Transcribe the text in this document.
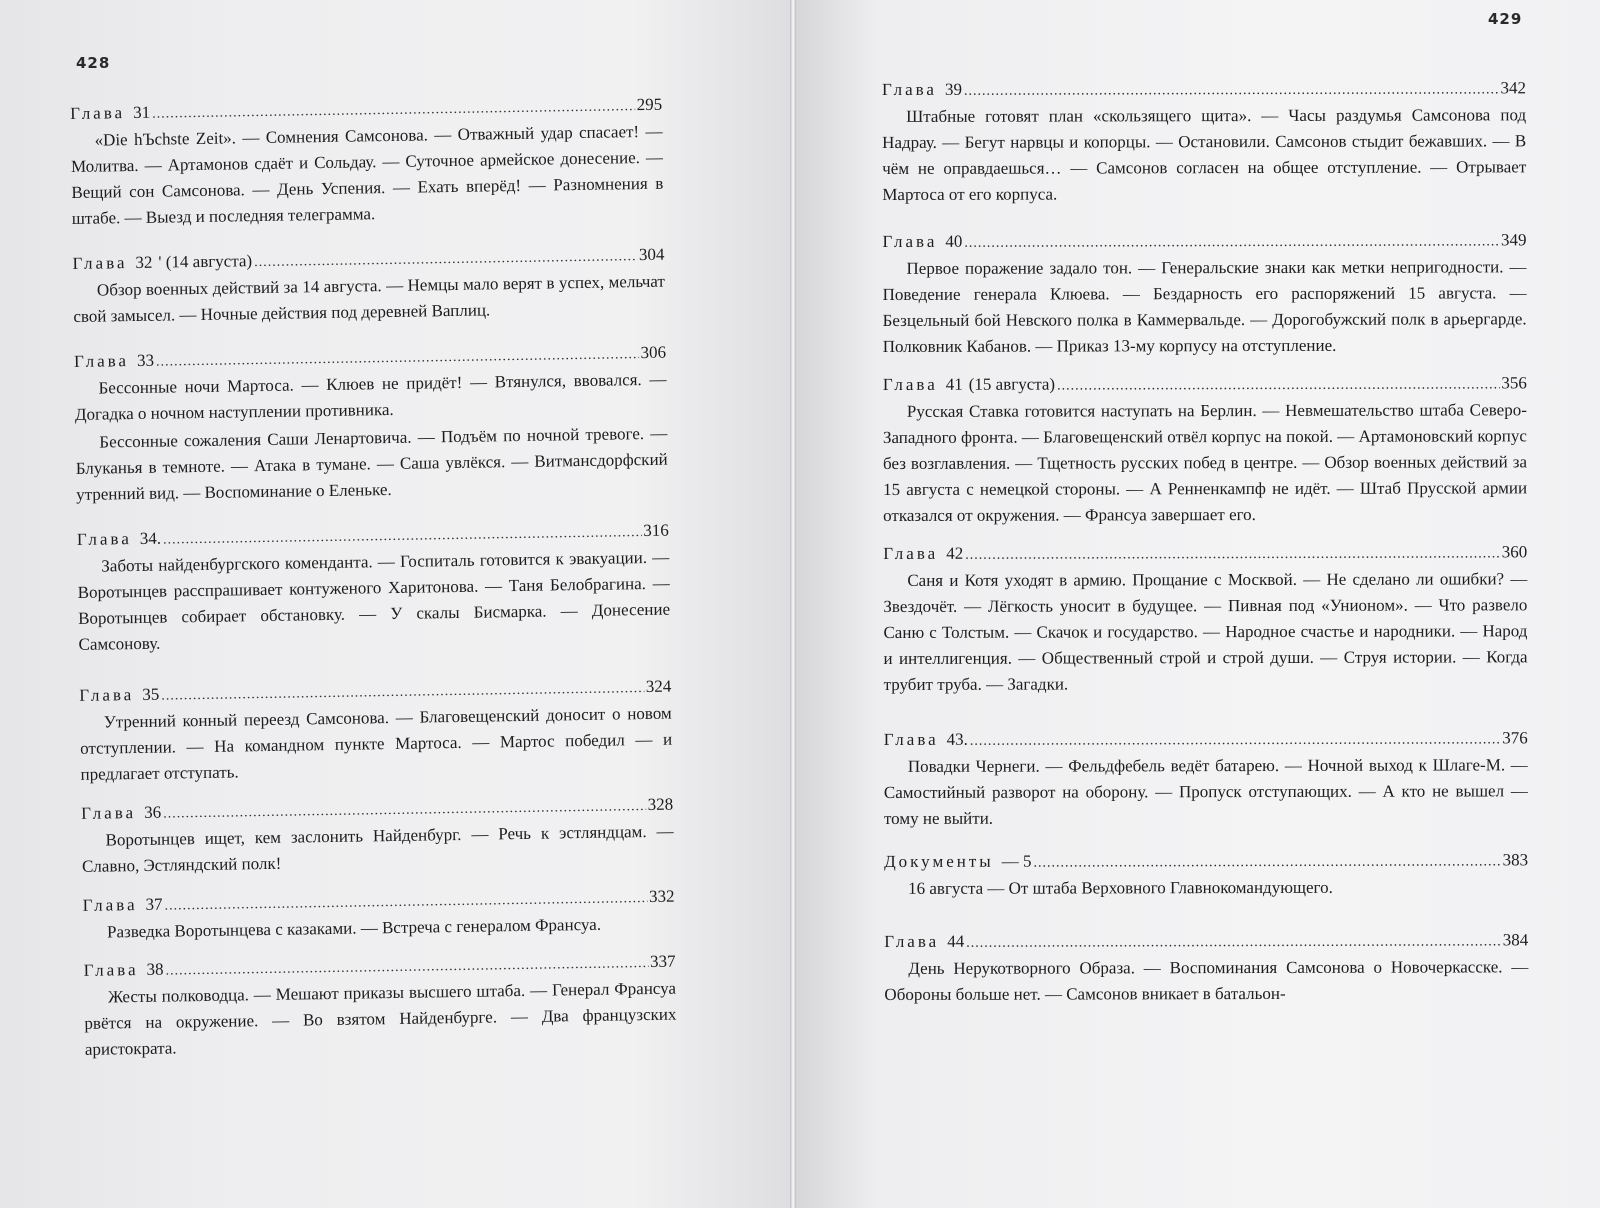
428
Глава 31 .....	295

«Die hЪchste Zeit». — Сомнения Самсонова. — Отважный удар спасает! — Молитва. — Артамонов сдаёт и Сольдау. — Суточное армейское донесение. — Вещий сон Самсонова. — День Успения. — Ехать вперёд! — Разномнения в штабе. — Выезд и последняя телеграмма.

Глава 32 ' (14 августа) .....	304

Обзор военных действий за 14 августа. — Немцы мало верят в успех, мельчат свой замысел. — Ночные действия под деревней Ваплиц.

Глава 33 .....	306

Бессонные ночи Мартоса. — Клюев не придёт! — Втянулся, ввовался. — Догадка о ночном наступлении противника.

Бессонные сожаления Саши Ленартовича. — Подъём по ночной тревоге. — Блуканья в темноте. — Атака в тумане. — Саша увлёкся. — Витмансдорфский утренний вид. — Воспоминание о Еленьке.

Глава 34. .....	316

Заботы найденбургского коменданта. — Госпиталь готовится к эвакуации. — Воротынцев расспрашивает контуженого Харитонова. — Таня Белобрагина. — Воротынцев собирает обстановку. — У скалы Бисмарка. — Донесение Самсонову.

Глава 35 .....	324

Утренний конный переезд Самсонова. — Благовещенский доносит о новом отступлении. — На командном пункте Мартоса. — Мартос победил — и предлагает отступать.

Глава 36 .....	328

Воротынцев ищет, кем заслонить Найденбург. — Речь к эстляндцам. — Славно, Эстляндский полк!

Глава 37 .....	332

Разведка Воротынцева с казаками. — Встреча с генералом Франсуа.

Глава 38 .....	337

Жесты полководца. — Мешают приказы высшего штаба. — Генерал Франсуа рвётся на окружение. — Во взятом Найденбурге. — Два французских аристократа.

429
Глава 39 .....	342

Штабные готовят план «скользящего щита». — Часы раздумья Самсонова под Надрау. — Бегут нарвцы и копорцы. — Остановили. Самсонов стыдит бежавших. — В чём не оправдаешься… — Самсонов согласен на общее отступление. — Отрывает Мартоса от его корпуса.

Глава 40 .....	349

Первое поражение задало тон. — Генеральские знаки как метки непригодности. — Поведение генерала Клюева. — Бездарность его распоряжений 15 августа. — Безцельный бой Невского полка в Каммервальде. — Дорогобужский полк в арьергарде. Полковник Кабанов. — Приказ 13-му корпусу на отступление.

Глава 41 (15 августа) .....	356

Русская Ставка готовится наступать на Берлин. — Невмешательство штаба Северо-Западного фронта. — Благовещенский отвёл корпус на покой. — Артамоновский корпус без возглавления. — Тщетность русских побед в центре. — Обзор военных действий за 15 августа с немецкой стороны. — А Ренненкампф не идёт. — Штаб Прусской армии отказался от окружения. — Франсуа завершает его.

Глава 42 .....	360

Саня и Котя уходят в армию. Прощание с Москвой. — Не сделано ли ошибки? — Звездочёт. — Лёгкость уносит в будущее. — Пивная под «Унионом». — Что развело Саню с Толстым. — Скачок и государство. — Народное счастье и народники. — Народ и интеллигенция. — Общественный строй и строй души. — Струя истории. — Когда трубит труба. — Загадки.

Глава 43. .....	376

Повадки Чернеги. — Фельдфебель ведёт батарею. — Ночной выход к Шлаге-М. — Самостийный разворот на оборону. — Пропуск отступающих. — А кто не вышел — тому не выйти.

Документы — 5 .....	383

16 августа — От штаба Верховного Главнокомандующего.

Глава 44 .....	384

День Нерукотворного Образа. — Воспоминания Самсонова о Новочеркасске. — Обороны больше нет. — Самсонов вникает в батальон-
